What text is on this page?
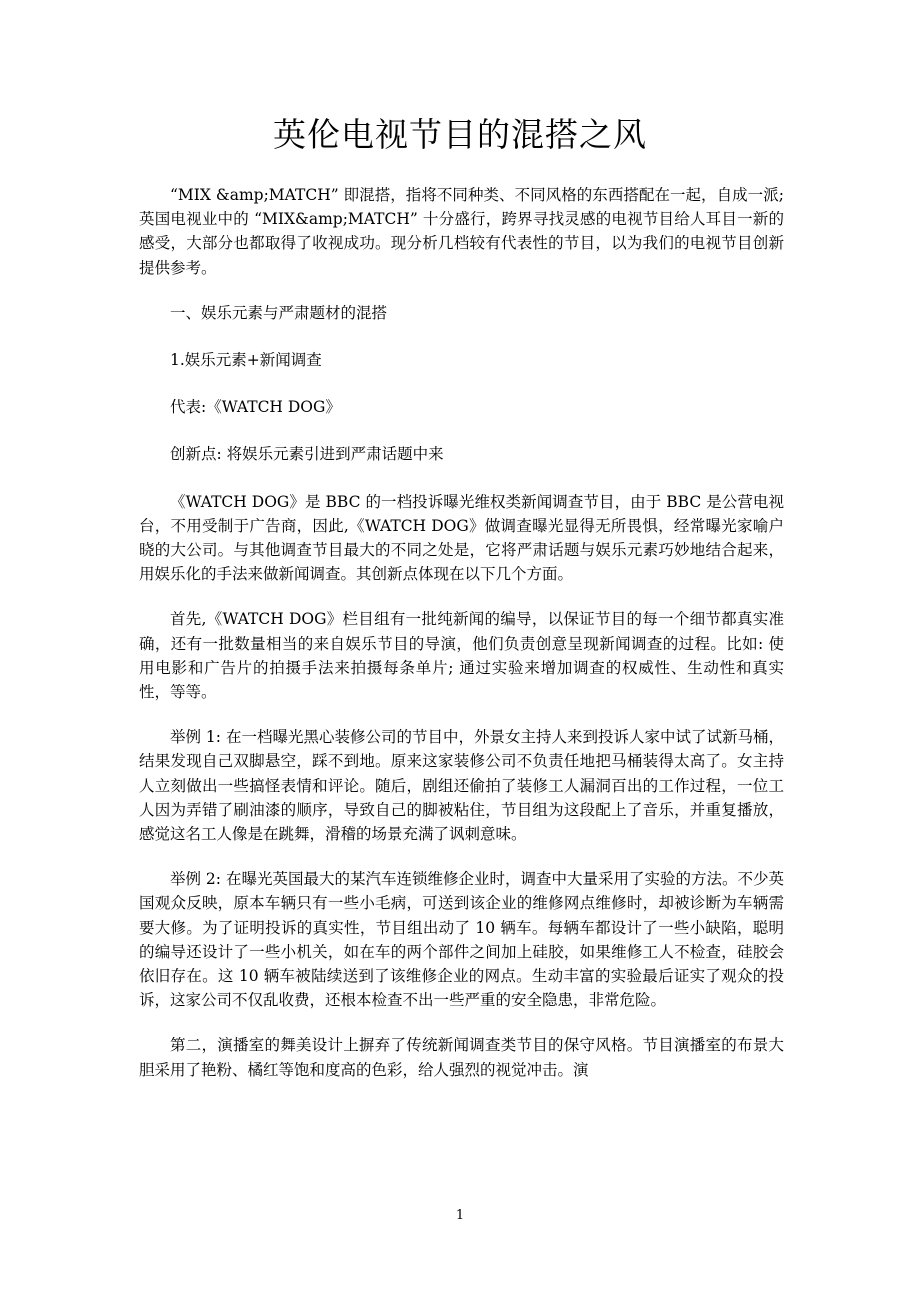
英伦电视节目的混搭之风

“MIX &amp;MATCH” 即混搭，指将不同种类、不同风格的东西搭配在一起，自成一派; 英国电视业中的 “MIX&amp;MATCH” 十分盛行，跨界寻找灵感的电视节目给人耳目一新的感受，大部分也都取得了收视成功。现分析几档较有代表性的节目，以为我们的电视节目创新提供参考。

一、娱乐元素与严肃题材的混搭

1.娱乐元素+新闻调查

代表:《WATCH DOG》

创新点: 将娱乐元素引进到严肃话题中来

《WATCH DOG》是 BBC 的一档投诉曝光维权类新闻调查节目，由于 BBC 是公营电视台，不用受制于广告商，因此,《WATCH DOG》做调查曝光显得无所畏惧，经常曝光家喻户晓的大公司。与其他调查节目最大的不同之处是，它将严肃话题与娱乐元素巧妙地结合起来，用娱乐化的手法来做新闻调查。其创新点体现在以下几个方面。

首先,《WATCH DOG》栏目组有一批纯新闻的编导，以保证节目的每一个细节都真实准确，还有一批数量相当的来自娱乐节目的导演，他们负责创意呈现新闻调查的过程。比如: 使用电影和广告片的拍摄手法来拍摄每条单片; 通过实验来增加调查的权威性、生动性和真实性，等等。

举例 1: 在一档曝光黑心装修公司的节目中，外景女主持人来到投诉人家中试了试新马桶，结果发现自己双脚悬空，踩不到地。原来这家装修公司不负责任地把马桶装得太高了。女主持人立刻做出一些搞怪表情和评论。随后，剧组还偷拍了装修工人漏洞百出的工作过程，一位工人因为弄错了刷油漆的顺序，导致自己的脚被粘住，节目组为这段配上了音乐，并重复播放，感觉这名工人像是在跳舞，滑稽的场景充满了讽刺意味。

举例 2: 在曝光英国最大的某汽车连锁维修企业时，调查中大量采用了实验的方法。不少英国观众反映，原本车辆只有一些小毛病，可送到该企业的维修网点维修时，却被诊断为车辆需要大修。为了证明投诉的真实性，节目组出动了 10 辆车。每辆车都设计了一些小缺陷，聪明的编导还设计了一些小机关，如在车的两个部件之间加上硅胶，如果维修工人不检查，硅胶会依旧存在。这 10 辆车被陆续送到了该维修企业的网点。生动丰富的实验最后证实了观众的投诉，这家公司不仅乱收费，还根本检查不出一些严重的安全隐患，非常危险。

第二，演播室的舞美设计上摒弃了传统新闻调查类节目的保守风格。节目演播室的布景大胆采用了艳粉、橘红等饱和度高的色彩，给人强烈的视觉冲击。演

1
